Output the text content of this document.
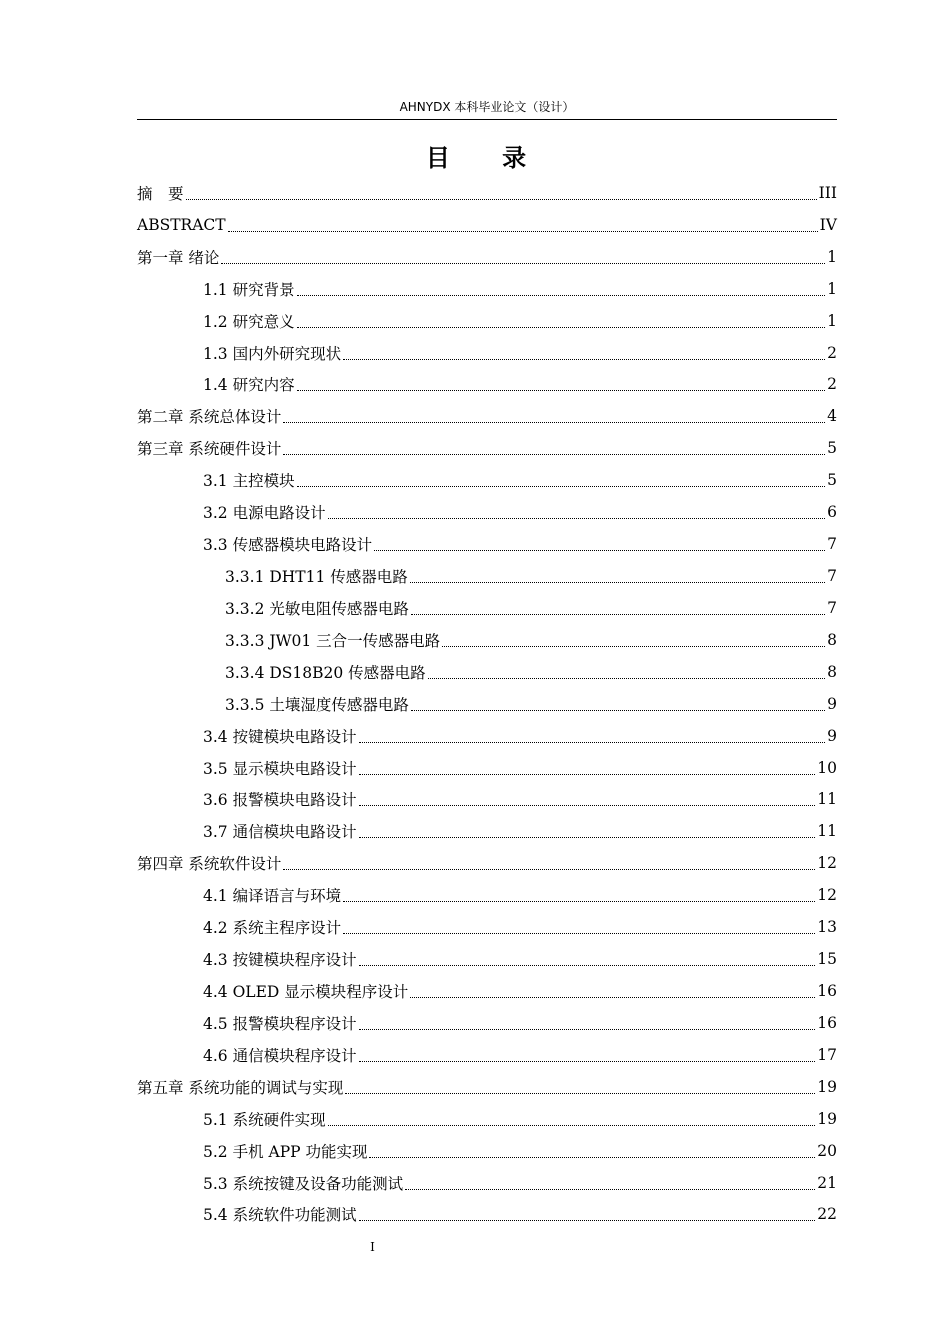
AHNYDX 本科毕业论文（设计）
目 录
摘　要	III
ABSTRACT	IV
第一章 绪论	1
1.1 研究背景	1
1.2 研究意义	1
1.3 国内外研究现状	2
1.4 研究内容	2
第二章 系统总体设计	4
第三章 系统硬件设计	5
3.1 主控模块	5
3.2 电源电路设计	6
3.3 传感器模块电路设计	7
3.3.1 DHT11 传感器电路	7
3.3.2 光敏电阻传感器电路	7
3.3.3 JW01 三合一传感器电路	8
3.3.4 DS18B20 传感器电路	8
3.3.5 土壤湿度传感器电路	9
3.4 按键模块电路设计	9
3.5 显示模块电路设计	10
3.6 报警模块电路设计	11
3.7 通信模块电路设计	11
第四章 系统软件设计	12
4.1 编译语言与环境	12
4.2 系统主程序设计	13
4.3 按键模块程序设计	15
4.4 OLED 显示模块程序设计	16
4.5 报警模块程序设计	16
4.6 通信模块程序设计	17
第五章 系统功能的调试与实现	19
5.1 系统硬件实现	19
5.2 手机 APP 功能实现	20
5.3 系统按键及设备功能测试	21
5.4 系统软件功能测试	22
I
